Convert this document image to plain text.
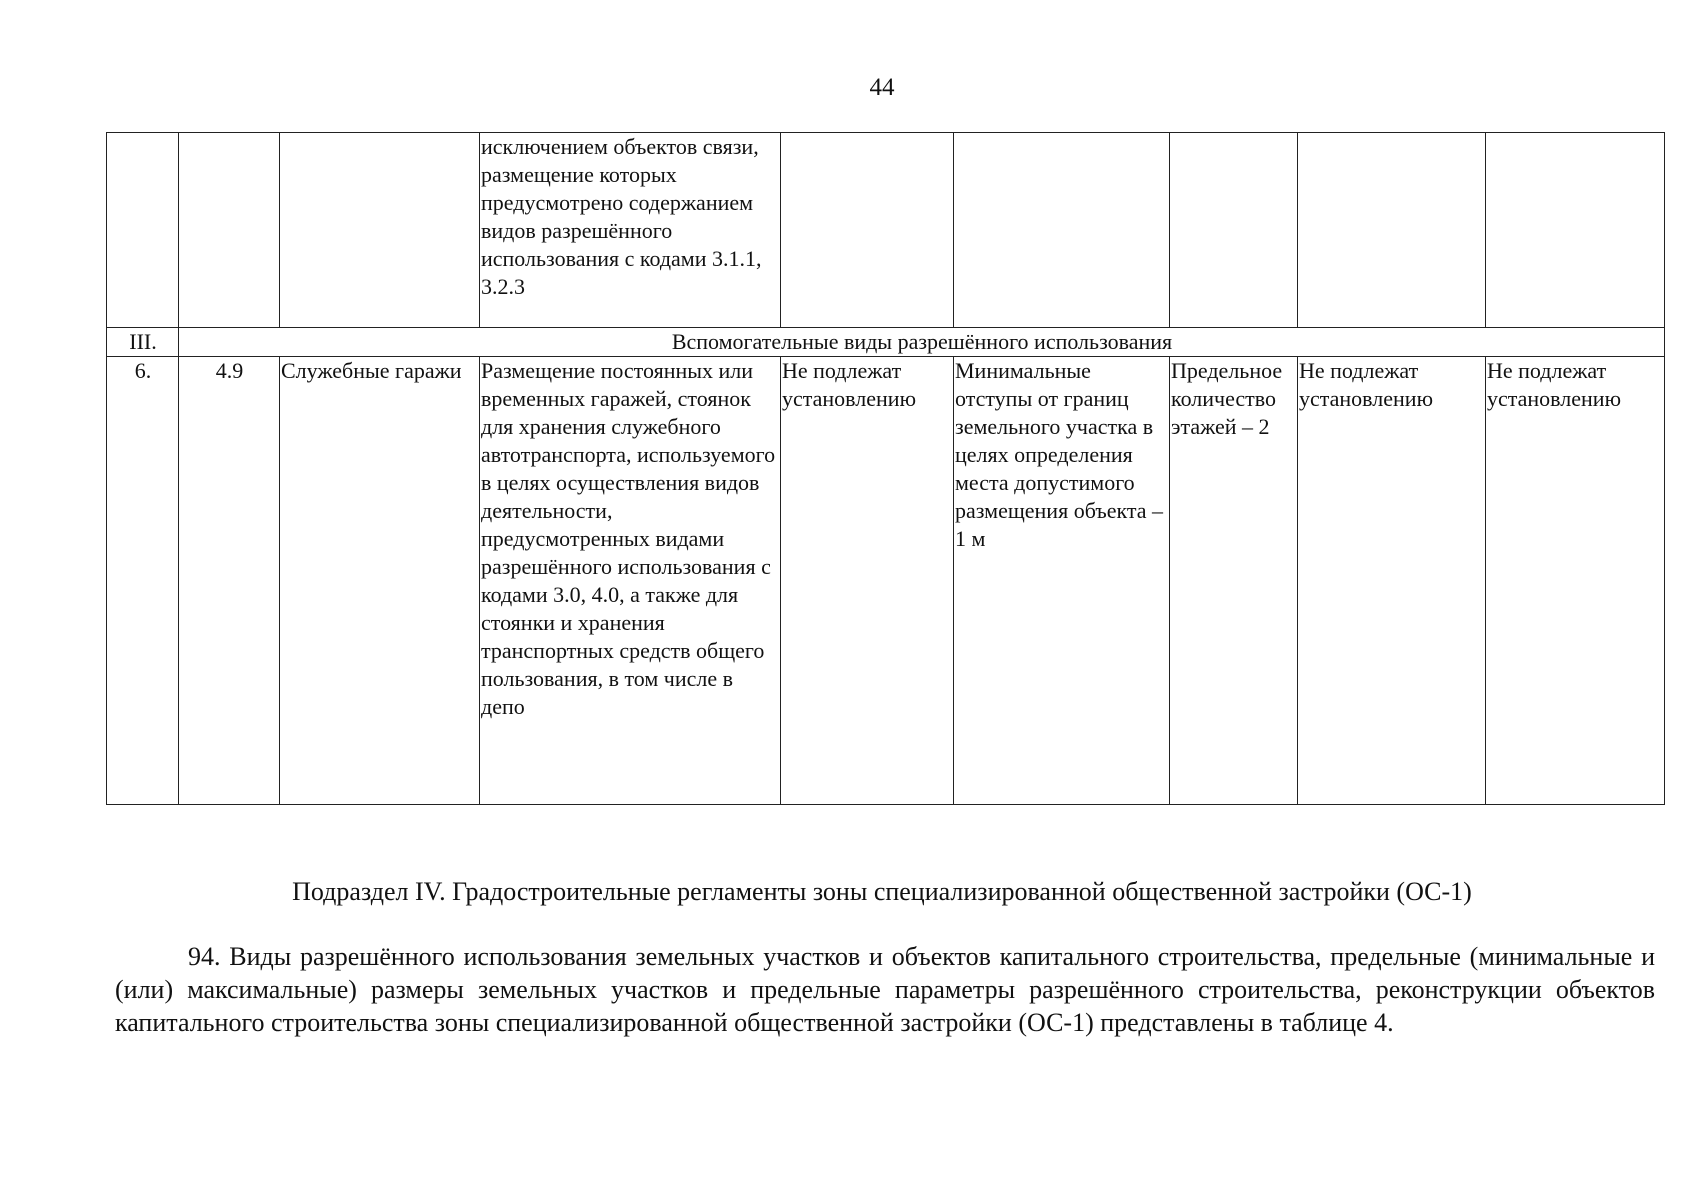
44
			исключением объектов связи, размещение которых предусмотрено содержанием видов разрешённого использования с кодами 3.1.1, 3.2.3					
III.	Вспомогательные виды разрешённого использования							
6.	4.9	Служебные гаражи	Размещение постоянных или временных гаражей, стоянок для хранения служебного автотранспорта, используемого в целях осуществления видов деятельности, предусмотренных видами разрешённого использования с кодами 3.0, 4.0, а также для стоянки и хранения транспортных средств общего пользования, в том числе в депо	Не подлежат установлению	Минимальные отступы от границ земельного участка в целях определения места допустимого размещения объекта – 1 м	Предельное количество этажей – 2	Не подлежат установлению	Не подлежат установлению
Подраздел IV. Градостроительные регламенты зоны специализированной общественной застройки (ОС-1)

94. Виды разрешённого использования земельных участков и объектов капитального строительства, предельные (минимальные и (или) максимальные) размеры земельных участков и предельные параметры разрешённого строительства, реконструкции объектов капитального строительства зоны специализированной общественной застройки (ОС-1) представлены в таблице 4.
